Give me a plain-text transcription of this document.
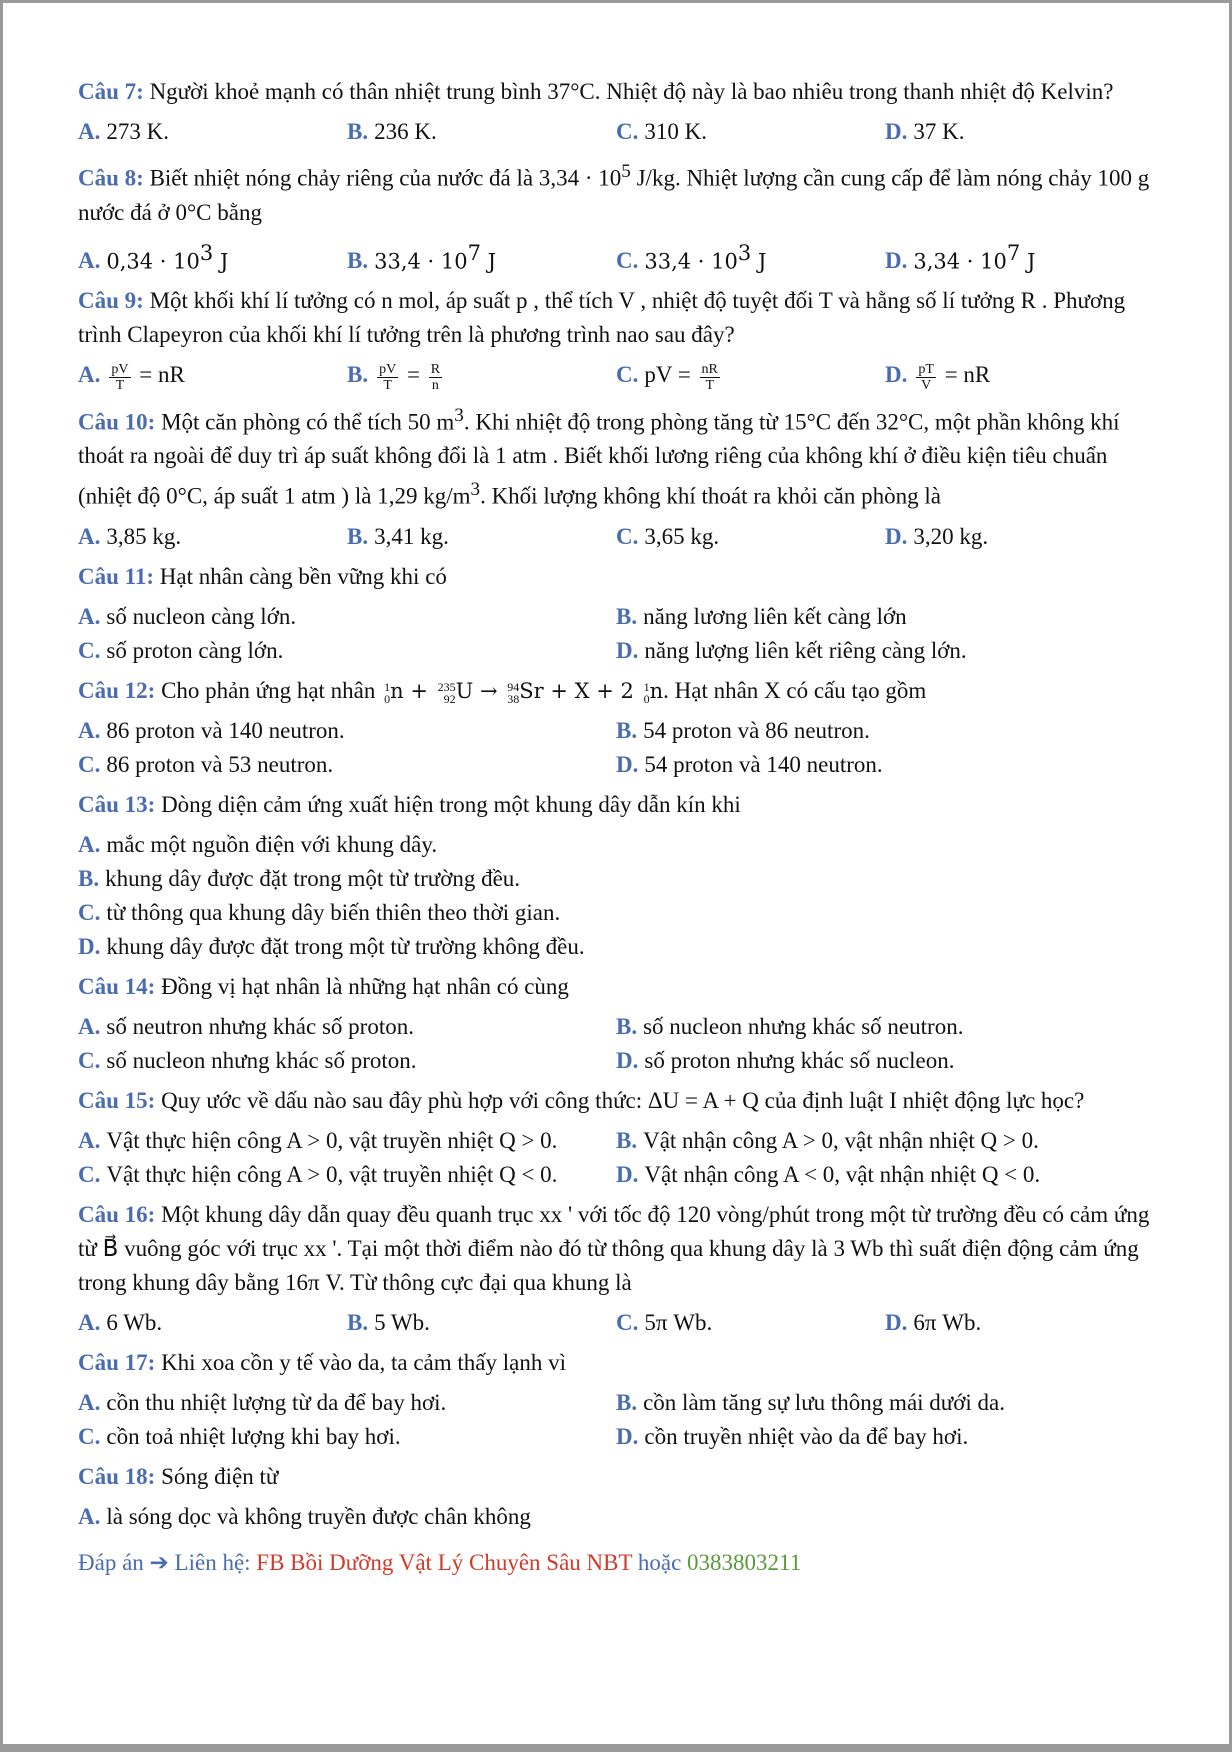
Câu 7: Người khoẻ mạnh có thân nhiệt trung bình 37°C. Nhiệt độ này là bao nhiêu trong thanh nhiệt độ Kelvin?
A. 273 K.	B. 236 K.	C. 310 K.	D. 37 K.
Câu 8: Biết nhiệt nóng chảy riêng của nước đá là $3,34 \cdot 10^5$ J/kg. Nhiệt lượng cần cung cấp để làm nóng chảy 100 g nước đá ở 0°C bằng
A. $0,34 \cdot 10^3$ J	B. $33,4 \cdot 10^7$ J	C. $33,4 \cdot 10^3$ J	D. $3,34 \cdot 10^7$ J
Câu 9: Một khối khí lí tưởng có n mol, áp suất p , thể tích V , nhiệt độ tuyệt đối T và hằng số lí tưởng R . Phương trình Clapeyron của khối khí lí tưởng trên là phương trình nao sau đây?
A. $\frac{pV}{T}$ = nR	B. $\frac{pV}{T} = \frac{R}{n}$	C. pV = $\frac{nR}{T}$	D. $\frac{pT}{V}$ = nR
Câu 10: Một căn phòng có thể tích 50 $m^3$. Khi nhiệt độ trong phòng tăng từ 15°C đến 32°C, một phần không khí thoát ra ngoài để duy trì áp suất không đổi là 1 atm . Biết khối lương riêng của không khí ở điều kiện tiêu chuẩn (nhiệt độ 0°C, áp suất 1 atm ) là 1,29 $kg/m^3$. Khối lượng không khí thoát ra khỏi căn phòng là
A. 3,85 kg.	B. 3,41 kg.	C. 3,65 kg.	D. 3,20 kg.
Câu 11: Hạt nhân càng bền vững khi có
A. số nucleon càng lớn.	B. năng lương liên kết càng lớn
C. số proton càng lớn.	D. năng lượng liên kết riêng càng lớn.
Câu 12: Cho phản ứng hạt nhân 1
0 n + 235
92 U → 94
38 Sr + X + 2 1
0 n. Hạt nhân X có cấu tạo gồm
A. 86 proton và 140 neutron.	B. 54 proton và 86 neutron.
C. 86 proton và 53 neutron.	D. 54 proton và 140 neutron.
Câu 13: Dòng diện cảm ứng xuất hiện trong một khung dây dẫn kín khi
A. mắc một nguồn điện với khung dây.
B. khung dây được đặt trong một từ trường đều.
C. từ thông qua khung dây biến thiên theo thời gian.
D. khung dây được đặt trong một từ trường không đều.
Câu 14: Đồng vị hạt nhân là những hạt nhân có cùng
A. số neutron nhưng khác số proton.	B. số nucleon nhưng khác số neutron.
C. số nucleon nhưng khác số proton.	D. số proton nhưng khác số nucleon.
Câu 15: Quy ước về dấu nào sau đây phù hợp với công thức: ΔU = A + Q của định luật I nhiệt động lực học?
A. Vật thực hiện công A > 0, vật truyền nhiệt Q > 0.	B. Vật nhận công A > 0, vật nhận nhiệt Q > 0.
C. Vật thực hiện công A > 0, vật truyền nhiệt Q < 0.	D. Vật nhận công A < 0, vật nhận nhiệt Q < 0.
Câu 16: Một khung dây dẫn quay đều quanh trục xx ' với tốc độ 120 vòng/phút trong một từ trường đều có cảm ứng từ B⃗ vuông góc với trục xx '. Tại một thời điểm nào đó từ thông qua khung dây là 3 Wb thì suất điện động cảm ứng trong khung dây bằng 16π V. Từ thông cực đại qua khung là
A. 6 Wb.	B. 5 Wb.	C. 5π Wb.	D. 6π Wb.
Câu 17: Khi xoa cồn y tế vào da, ta cảm thấy lạnh vì
A. cồn thu nhiệt lượng từ da để bay hơi.	B. cồn làm tăng sự lưu thông mái dưới da.
C. cồn toả nhiệt lượng khi bay hơi.	D. cồn truyền nhiệt vào da để bay hơi.
Câu 18: Sóng điện từ
A. là sóng dọc và không truyền được chân không
Đáp án ➔ Liên hệ: FB Bồi Dưỡng Vật Lý Chuyên Sâu NBT hoặc 0383803211
